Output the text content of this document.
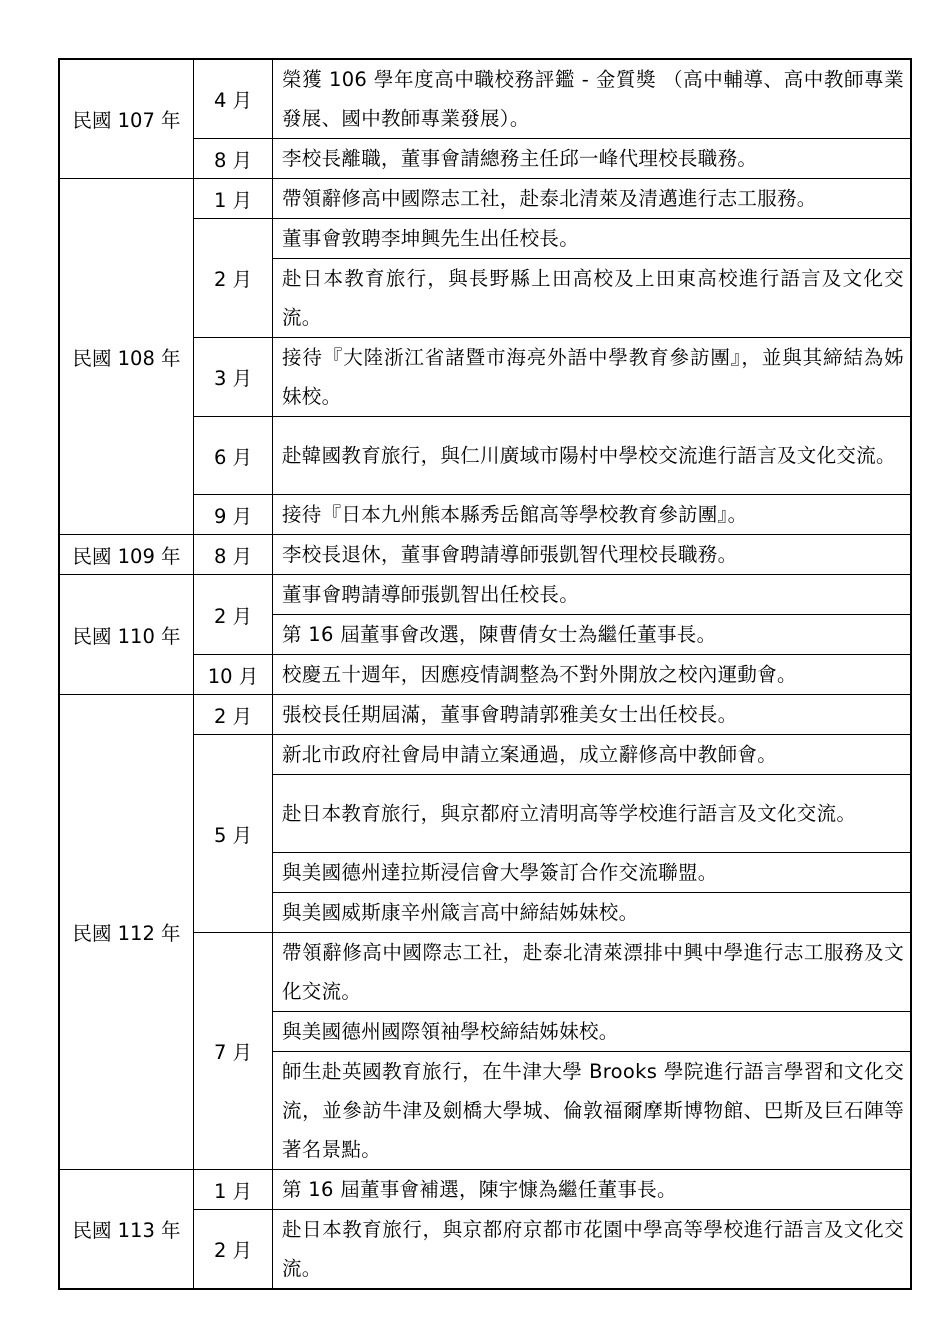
民國 107 年	4 月	榮獲 106 學年度高中職校務評鑑 - 金質獎 （高中輔導、高中教師專業發展、國中教師專業發展）。
	8 月	李校長離職，董事會請總務主任邱一峰代理校長職務。
民國 108 年	1 月	帶領辭修高中國際志工社，赴泰北清萊及清邁進行志工服務。
	2 月	董事會敦聘李坤興先生出任校長。
		赴日本教育旅行，與長野縣上田高校及上田東高校進行語言及文化交流。
	3 月	接待『大陸浙江省諸暨市海亮外語中學教育參訪團』，並與其締結為姊妹校。
	6 月	赴韓國教育旅行，與仁川廣域市陽村中學校交流進行語言及文化交流。
	9 月	接待『日本九州熊本縣秀岳館高等學校教育參訪團』。
民國 109 年	8 月	李校長退休，董事會聘請導師張凱智代理校長職務。
民國 110 年	2 月	董事會聘請導師張凱智出任校長。
		第 16 屆董事會改選，陳曹倩女士為繼任董事長。
	10 月	校慶五十週年，因應疫情調整為不對外開放之校內運動會。
民國 112 年	2 月	張校長任期屆滿，董事會聘請郭雅美女士出任校長。
	5 月	新北市政府社會局申請立案通過，成立辭修高中教師會。
		赴日本教育旅行，與京都府立清明高等学校進行語言及文化交流。
		與美國德州達拉斯浸信會大學簽訂合作交流聯盟。
		與美國威斯康辛州箴言高中締結姊妹校。
	7 月	帶領辭修高中國際志工社，赴泰北清萊漂排中興中學進行志工服務及文化交流。
		與美國德州國際領袖學校締結姊妹校。
		師生赴英國教育旅行，在牛津大學 Brooks 學院進行語言學習和文化交流，並參訪牛津及劍橋大學城、倫敦福爾摩斯博物館、巴斯及巨石陣等著名景點。
民國 113 年	1 月	第 16 屆董事會補選，陳宇慷為繼任董事長。
	2 月	赴日本教育旅行，與京都府京都市花園中學高等學校進行語言及文化交流。
